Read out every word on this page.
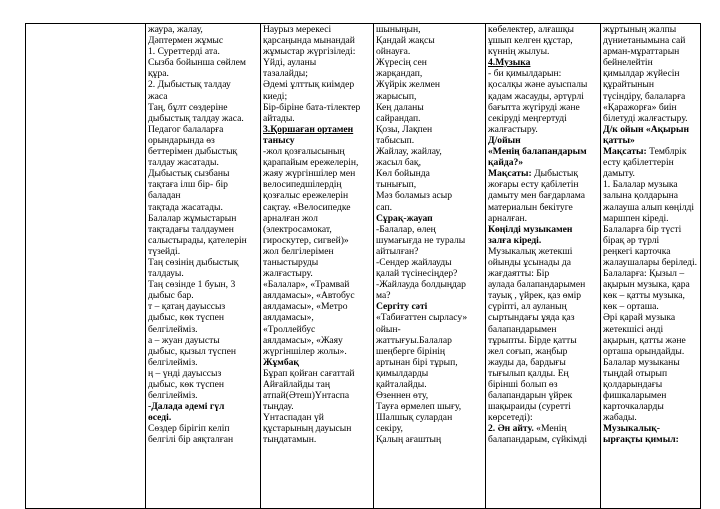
жаура, жалау,
Дәптермен жұмыс
1. Суреттерді ата.
Сызба бойынша сөйлем
құра.
2. Дыбыстық талдау
жаса
Таң, бұлт сөздеріне
дыбыстық талдау жаса.
Педагог балаларға
орындарында өз
беттерімен дыбыстық
талдау жасатады.
Дыбыстық сызбаны
тақтаға ілш бір- бір
баладан
тақтада жасатады.
Балалар жұмыстарын
тақтадағы талдаумен
салыстырады, қателерін
түзейді.
Таң сөзінің дыбыстық
талдауы.
Таң сөзінде 1 буын, 3
дыбыс бар.
т – қатаң дауыссыз
дыбыс, көк түспен
белгілейміз.
а – жуан дауысты
дыбыс, қызыл түспен
белгілейміз.
ң – үнді дауыссыз
дыбыс, көк түспен
белгілейміз.
-Далада әдемі гүл
өседі.
Сөздер бірігіп келіп
белгілі бір аяқталған

Наурыз мерекесі
қарсаңында мынандай
жұмыстар жүргізіледі:
Үйді, ауланы
тазалайды;
Әдемі ұлттық киімдер
киеді;
Бір-біріне бата-тілектер
айтады.
3.Қоршаған ортамен
танысу
-жол қозғалысының
қарапайым ережелерін,
жаяу жүргіншілер мен
велосипедшілердің
қозғалыс ережелерін
сақтау. «Велосипедке
арналған жол
(электросамокат,
гироскутер, сигвей)»
жол белгілерімен
таныстыруды
жалғастыру.
«Балалар», «Трамвай
аялдамасы», «Автобус
аялдамасы», «Метро
аялдамасы»,
«Троллейбус
аялдамасы», «Жаяу
жүргіншілер жолы».
Жұмбақ
Бұрап қойған сағаттай
Айғайлайды таң
атпай(Әтеш)Үнтаспа
тыңдау.
Үнтаспадан үй
құстарының дауысын
тыңдатамын.

шыныңын,
Қандай жақсы
ойнауға.
Жүресің сен
жарқандап,
Жүйрік желмен
жарысып,
Кең даланы
сайрандап.
Қозы, Лақпен
табысып.
Жайлау, жайлау,
жасыл бақ,
Көл бойында
тынығып,
Мәз боламыз асыр
сап.
Сұрақ-жауап
-Балалар, өлең
шумағығда не туралы
айтылған?
-Сендер жайлауды
қалай түсінесіңдер?
-Жайлауда болдыңдар
ма?
Сергіту сәті
«Табиғаттен сырласу»
ойын-
жаттығуы.Балалар
шеңберге бірінің
артынан бірі тұрып,
қимылдарды
қайталайды.
Өзеннен өту,
Тауға өрмелеп шығу,
Шалшық сулардан
секіру,
Қалың ағаштың

көбелектер, алғашқы
ұшып келген құстар,
күннің жылуы.
4.Музыка
- би қимылдарын:
қосалқы және ауыспалы
қадам жасауды, әртүрлі
бағытта жүгіруді және
секіруді меңгертуді
жалғастыру.
Д/ойын
«Менің балапандарым
қайда?»
Мақсаты: Дыбыстық
жоғары есту қабілетін
дамыту мен бағдарлама
материалын бекітуге
арналған.
Көңілді музыкамен
залға кіреді.
Музыкалық жетекші
ойынды ұсынады да
жағдаятты: Бір
аулада балапандарымен
тауық , үйрек, қаз өмір
сүріпті, ал ауланың
сыртындағы ұяда қаз
балапандарымен
тұрыпты. Бірде қатты
жел соғып, жаңбыр
жауды да, бардығы
тығылып қалды. Ең
бірінші болып өз
балапандарын үйрек
шақыраиды (суретті
көрсетеді):
2. Ән айту. «Менің
балапандарым, сүйкімді

жұртының жалпы
дүниетанымына сай
арман-мұраттарын
бейнелейтін
қимылдар жүйесін
құрайтынын
түсіндіру, балаларға
«Қаражорға» биін
білетуді жалғастыру.
Д/к ойын «Ақырын
қатты»
Мақсаты: Темблрік
есту қабілеттерін
дамыту.
1. Балалар музыка
залына қолдарына
жалауша алып көңілді
маршпен кіреді.
Балаларға бір түсті
бірақ әр түрлі
реңкегі карточка
жалаушалары беріледі.
Балаларға: Қызыл –
ақырын музыка, қара
көк – қатты музыка,
көк – орташа.
Әрі қарай музыка
жетекшісі әнді
ақырын, қатты және
орташа орындайды.
Балалар музыканы
тыңдай отырып
қолдарындағы
фишкаларымен
карточкаларды
жабады.
Музыкалық-
ырғақты қимыл:
